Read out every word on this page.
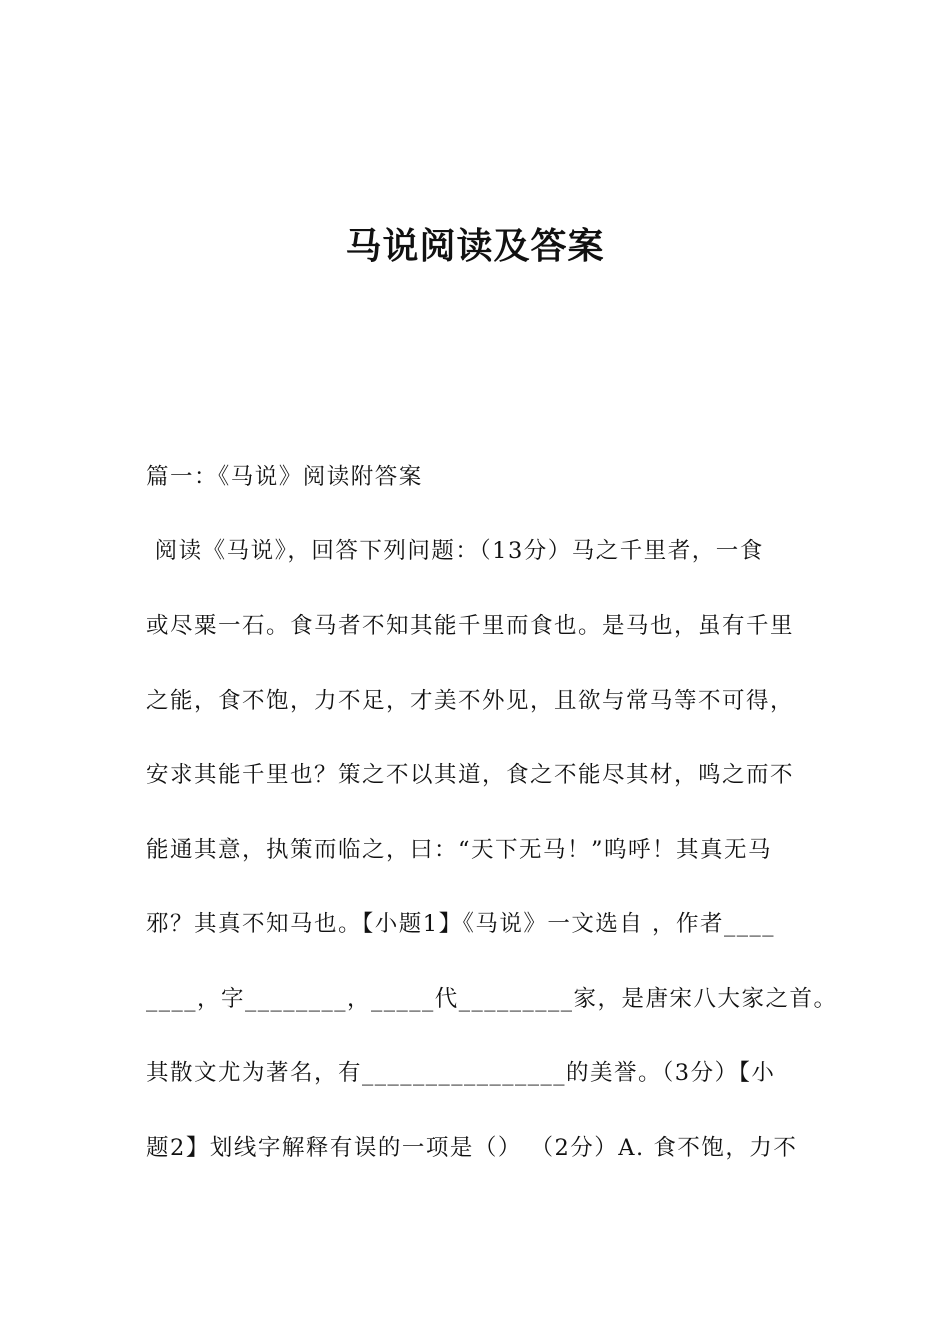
马说阅读及答案
篇一：《马说》阅读附答案
阅读《马说》，回答下列问题：（13分）马之千里者，一食
或尽粟一石。食马者不知其能千里而食也。是马也，虽有千里
之能，食不饱，力不足，才美不外见，且欲与常马等不可得，
安求其能千里也？策之不以其道，食之不能尽其材，鸣之而不
能通其意，执策而临之，曰：“天下无马！”呜呼！其真无马
邪？其真不知马也。【小题1】《马说》一文选自 ，作者____
____，字________，_____代_________家，是唐宋八大家之首。
其散文尤为著名，有________________的美誉。（3分）【小
题2】划线字解释有误的一项是（） （2分）A. 食不饱，力不
